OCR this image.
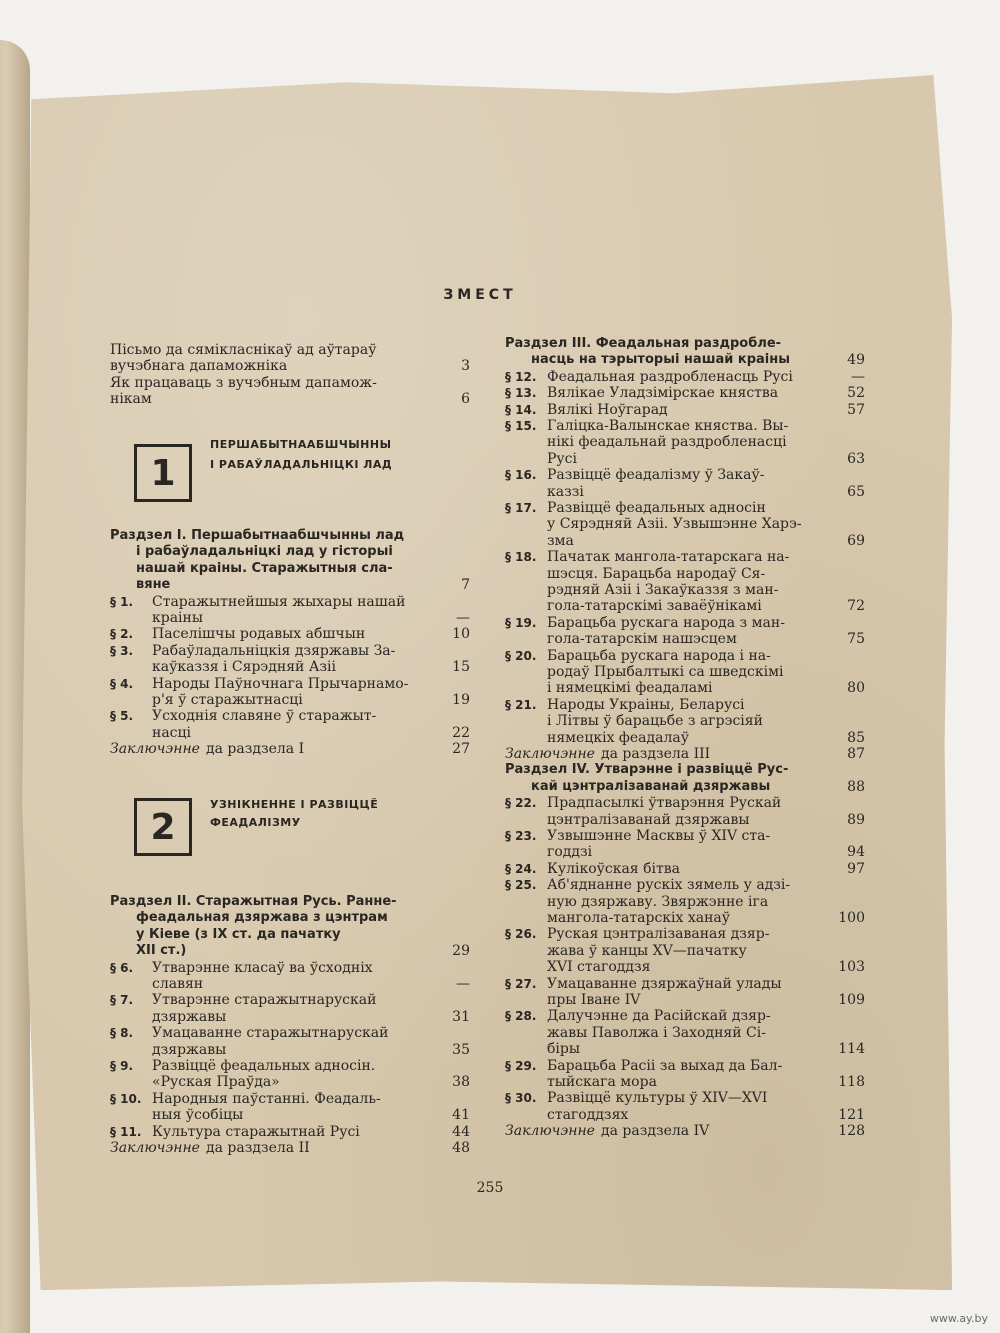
ЗМЕСТ
Пісьмо да сямікласнікаў ад аўтараў
вучэбнага дапаможніка	3
Як працаваць з вучэбным дапамож-
нікам	6
1
ПЕРШАБЫТНААБШЧЫННЫ
І РАБАЎЛАДАЛЬНІЦКІ ЛАД
Раздзел І. Першабытнаабшчынны лад
і рабаўладальніцкі лад у гісторыі
нашай краіны. Старажытныя сла-
вяне	7
§ 1. Старажытнейшыя жыхары нашай
краіны	—
§ 2. Паселішчы родавых абшчын	10
§ 3. Рабаўладальніцкія дзяржавы За-
каўказзя і Сярэдняй Азіі	15
§ 4. Народы Паўночнага Прычарнамо-
р'я ў старажытнасці	19
§ 5. Усходнія славяне ў старажыт-
насці	22
Заключэнне да раздзела І	27
2
УЗНІКНЕННЕ І РАЗВІЦЦЁ
ФЕАДАЛІЗМУ
Раздзел ІІ. Старажытная Русь. Ранне-
феадальная дзяржава з цэнтрам
у Кіеве (з ІХ ст. да пачатку
ХІІ ст.)	29
§ 6. Утварэнне класаў ва ўсходніх
славян	—
§ 7. Утварэнне старажытнарускай
дзяржавы	31
§ 8. Умацаванне старажытнарускай
дзяржавы	35
§ 9. Развіццё феадальных адносін.
«Руская Праўда»	38
§ 10. Народныя паўстанні. Феадаль-
ныя ўсобіцы	41
§ 11. Культура старажытнай Русі	44
Заключэнне да раздзела ІІ	48
Раздзел ІІІ. Феадальная раздробле-
насць на тэрыторыі нашай краіны	49
§ 12. Феадальная раздробленасць Русі	—
§ 13. Вялікае Уладзімірскае княства	52
§ 14. Вялікі Ноўгарад	57
§ 15. Галіцка-Валынскае княства. Вы-
нікі феадальнай раздробленасці
Русі	63
§ 16. Развіццё феадалізму ў Закаў-
каззі	65
§ 17. Развіццё феадальных адносін
у Сярэдняй Азіі. Узвышэнне Харэ-
зма	69
§ 18. Пачатак мангола-татарскага на-
шэсця. Барацьба народаў Ся-
рэдняй Азіі і Закаўказзя з ман-
гола-татарскімі заваёўнікамі	72
§ 19. Барацьба рускага народа з ман-
гола-татарскім нашэсцем	75
§ 20. Барацьба рускага народа і на-
родаў Прыбалтыкі са шведскімі
і нямецкімі феадаламі	80
§ 21. Народы Украіны, Беларусі
і Літвы ў барацьбе з агрэсіяй
нямецкіх феадалаў	85
Заключэнне да раздзела ІІІ	87
Раздзел ІV. Утварэнне і развіццё Рус-
кай цэнтралізаванай дзяржавы	88
§ 22. Прадпасылкі ўтварэння Рускай
цэнтралізаванай дзяржавы	89
§ 23. Узвышэнне Масквы ў XIV ста-
годдзі	94
§ 24. Кулікоўская бітва	97
§ 25. Аб'яднанне рускіх зямель у адзі-
ную дзяржаву. Звяржэнне іга
мангола-татарскіх ханаў	100
§ 26. Руская цэнтралізаваная дзяр-
жава ў канцы XV—пачатку
XVI стагоддзя	103
§ 27. Умацаванне дзяржаўнай улады
пры Іване IV	109
§ 28. Далучэнне да Расійскай дзяр-
жавы Паволжа і Заходняй Сі-
біры	114
§ 29. Барацьба Расіі за выхад да Бал-
тыйскага мора	118
§ 30. Развіццё культуры ў XIV—XVI
стагоддзях	121
Заключэнне да раздзела IV	128
255
www.ay.by
